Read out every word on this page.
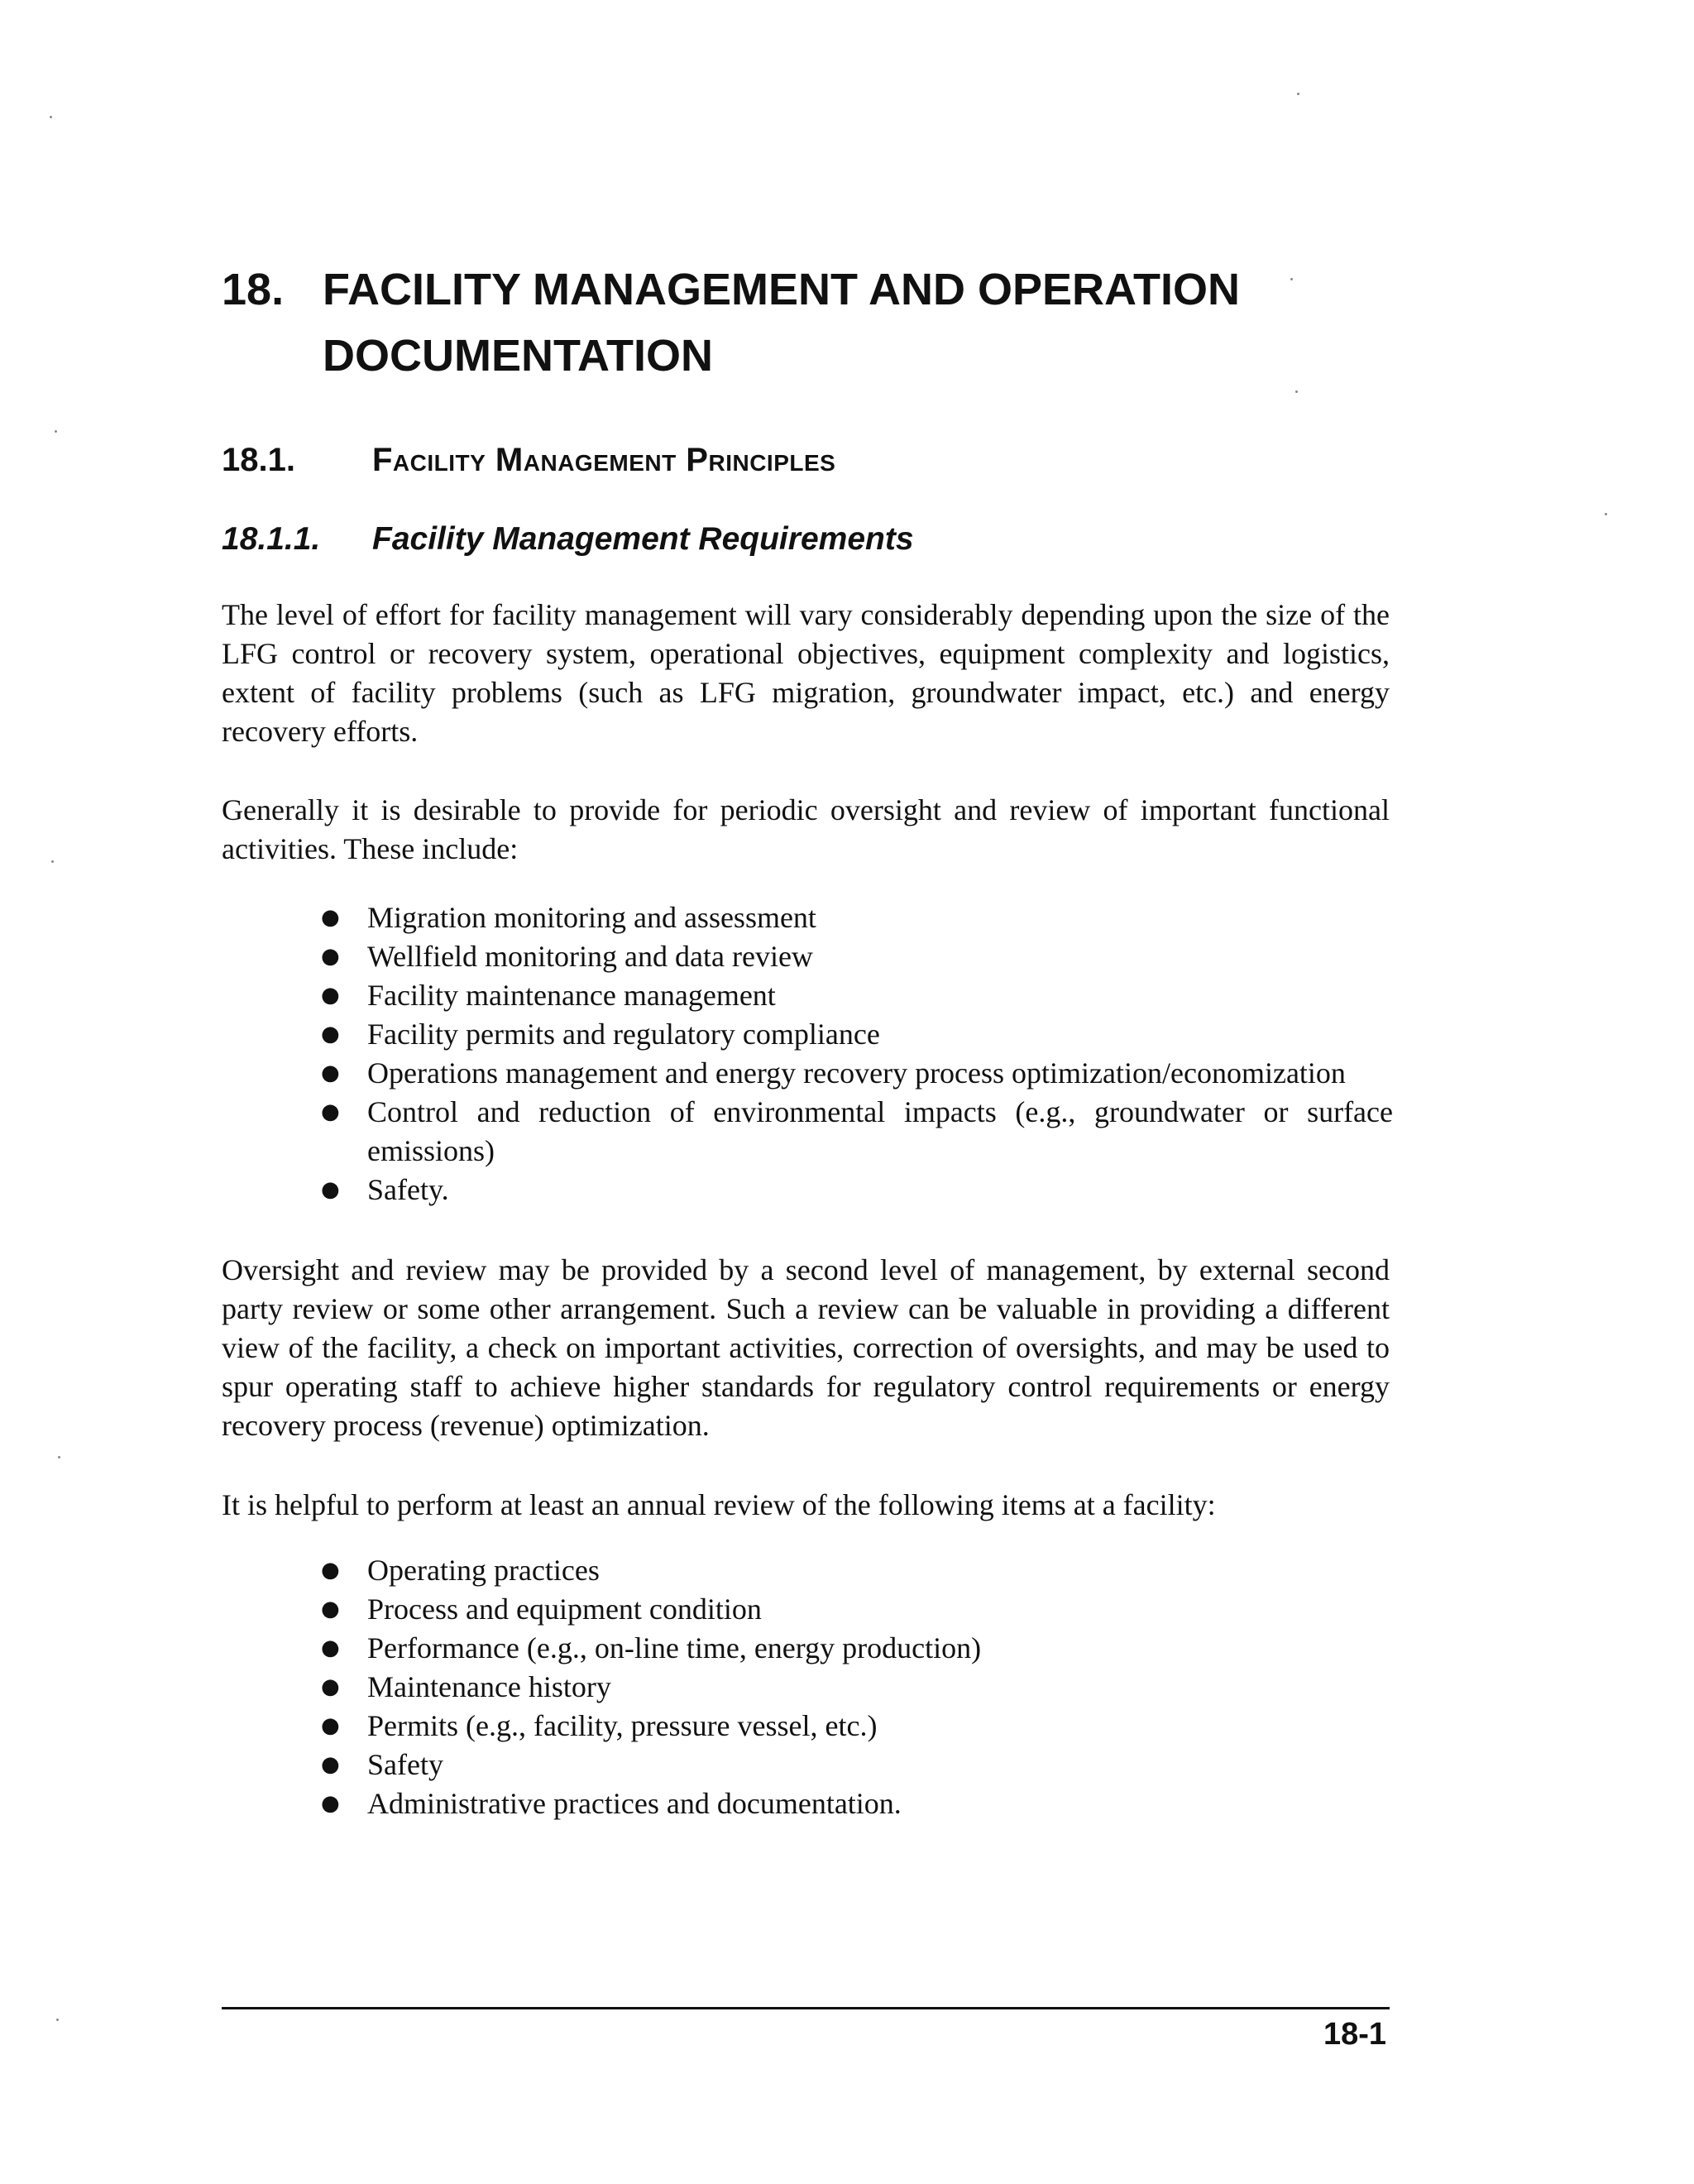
18. FACILITY MANAGEMENT AND OPERATION
DOCUMENTATION
18.1.	Facility Management Principles
18.1.1.	Facility Management Requirements

The level of effort for facility management will vary considerably depending upon the size of the LFG control or recovery system, operational objectives, equipment complexity and logistics, extent of facility problems (such as LFG migration, groundwater impact, etc.) and energy recovery efforts.

Generally it is desirable to provide for periodic oversight and review of important functional activities. These include:

● Migration monitoring and assessment
● Wellfield monitoring and data review
● Facility maintenance management
● Facility permits and regulatory compliance
● Operations management and energy recovery process optimization/economization
● Control and reduction of environmental impacts (e.g., groundwater or surface emissions)
● Safety.

Oversight and review may be provided by a second level of management, by external second party review or some other arrangement. Such a review can be valuable in providing a different view of the facility, a check on important activities, correction of oversights, and may be used to spur operating staff to achieve higher standards for regulatory control requirements or energy recovery process (revenue) optimization.

It is helpful to perform at least an annual review of the following items at a facility:

● Operating practices
● Process and equipment condition
● Performance (e.g., on-line time, energy production)
● Maintenance history
● Permits (e.g., facility, pressure vessel, etc.)
● Safety
● Administrative practices and documentation.
18-1
